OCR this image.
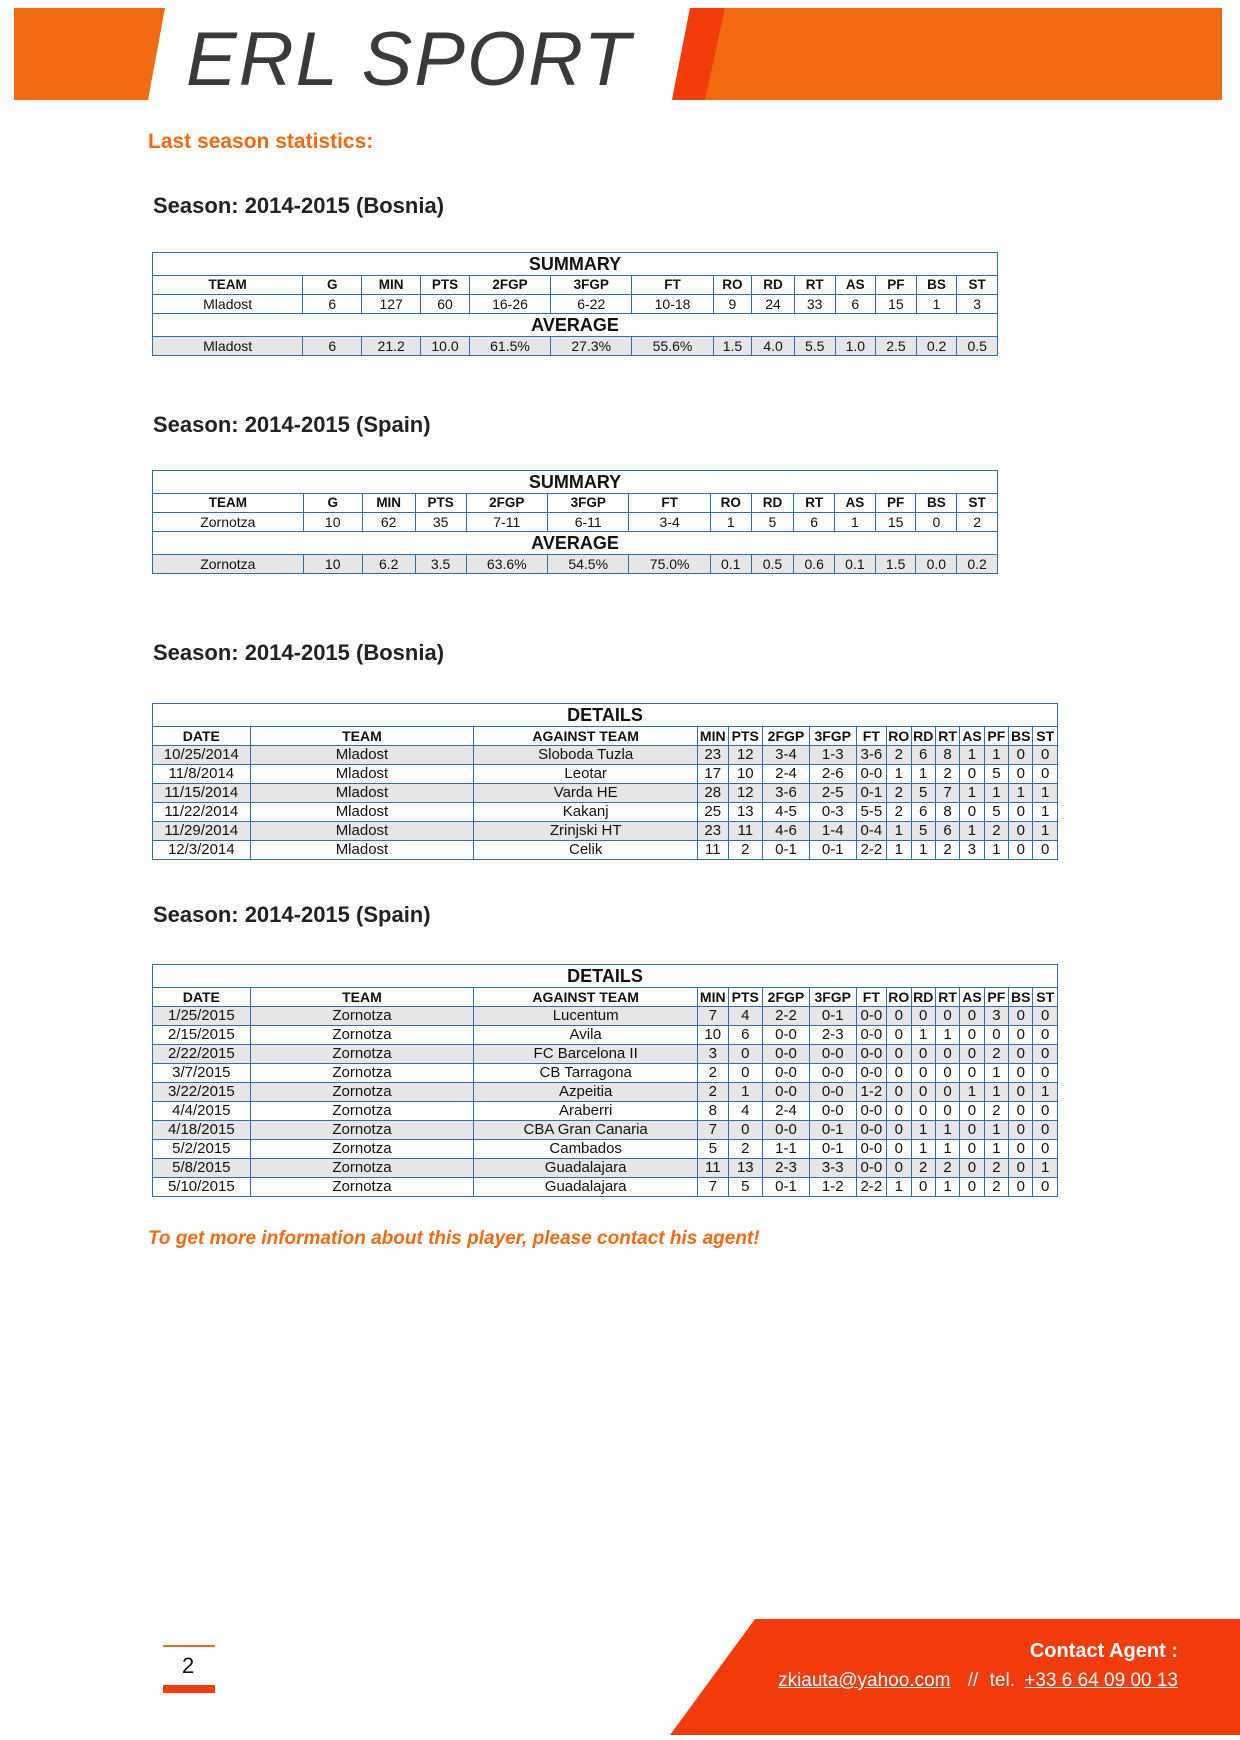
ERL SPORT
Last season statistics:
Season: 2014-2015 (Bosnia)
SUMMARY													
TEAM	G	MIN	PTS	2FGP	3FGP	FT	RO	RD	RT	AS	PF	BS	ST
Mladost	6	127	60	16-26	6-22	10-18	9	24	33	6	15	1	3
AVERAGE													
Mladost	6	21.2	10.0	61.5%	27.3%	55.6%	1.5	4.0	5.5	1.0	2.5	0.2	0.5
Season: 2014-2015 (Spain)
SUMMARY													
TEAM	G	MIN	PTS	2FGP	3FGP	FT	RO	RD	RT	AS	PF	BS	ST
Zornotza	10	62	35	7-11	6-11	3-4	1	5	6	1	15	0	2
AVERAGE													
Zornotza	10	6.2	3.5	63.6%	54.5%	75.0%	0.1	0.5	0.6	0.1	1.5	0.0	0.2
Season: 2014-2015 (Bosnia)
DETAILS														
DATE	TEAM	AGAINST TEAM	MIN	PTS	2FGP	3FGP	FT	RO	RD	RT	AS	PF	BS	ST
10/25/2014	Mladost	Sloboda Tuzla	23	12	3-4	1-3	3-6	2	6	8	1	1	0	0
11/8/2014	Mladost	Leotar	17	10	2-4	2-6	0-0	1	1	2	0	5	0	0
11/15/2014	Mladost	Varda HE	28	12	3-6	2-5	0-1	2	5	7	1	1	1	1
11/22/2014	Mladost	Kakanj	25	13	4-5	0-3	5-5	2	6	8	0	5	0	1
11/29/2014	Mladost	Zrinjski HT	23	11	4-6	1-4	0-4	1	5	6	1	2	0	1
12/3/2014	Mladost	Celik	11	2	0-1	0-1	2-2	1	1	2	3	1	0	0
Season: 2014-2015 (Spain)
DETAILS														
DATE	TEAM	AGAINST TEAM	MIN	PTS	2FGP	3FGP	FT	RO	RD	RT	AS	PF	BS	ST
1/25/2015	Zornotza	Lucentum	7	4	2-2	0-1	0-0	0	0	0	0	3	0	0
2/15/2015	Zornotza	Avila	10	6	0-0	2-3	0-0	0	1	1	0	0	0	0
2/22/2015	Zornotza	FC Barcelona II	3	0	0-0	0-0	0-0	0	0	0	0	2	0	0
3/7/2015	Zornotza	CB Tarragona	2	0	0-0	0-0	0-0	0	0	0	0	1	0	0
3/22/2015	Zornotza	Azpeitia	2	1	0-0	0-0	1-2	0	0	0	1	1	0	1
4/4/2015	Zornotza	Araberri	8	4	2-4	0-0	0-0	0	0	0	0	2	0	0
4/18/2015	Zornotza	CBA Gran Canaria	7	0	0-0	0-1	0-0	0	1	1	0	1	0	0
5/2/2015	Zornotza	Cambados	5	2	1-1	0-1	0-0	0	1	1	0	1	0	0
5/8/2015	Zornotza	Guadalajara	11	13	2-3	3-3	0-0	0	2	2	0	2	0	1
5/10/2015	Zornotza	Guadalajara	7	5	0-1	1-2	2-2	1	0	1	0	2	0	0
To get more information about this player, please contact his agent!
2
Contact Agent :
zkiauta@yahoo.com // tel. +33 6 64 09 00 13
